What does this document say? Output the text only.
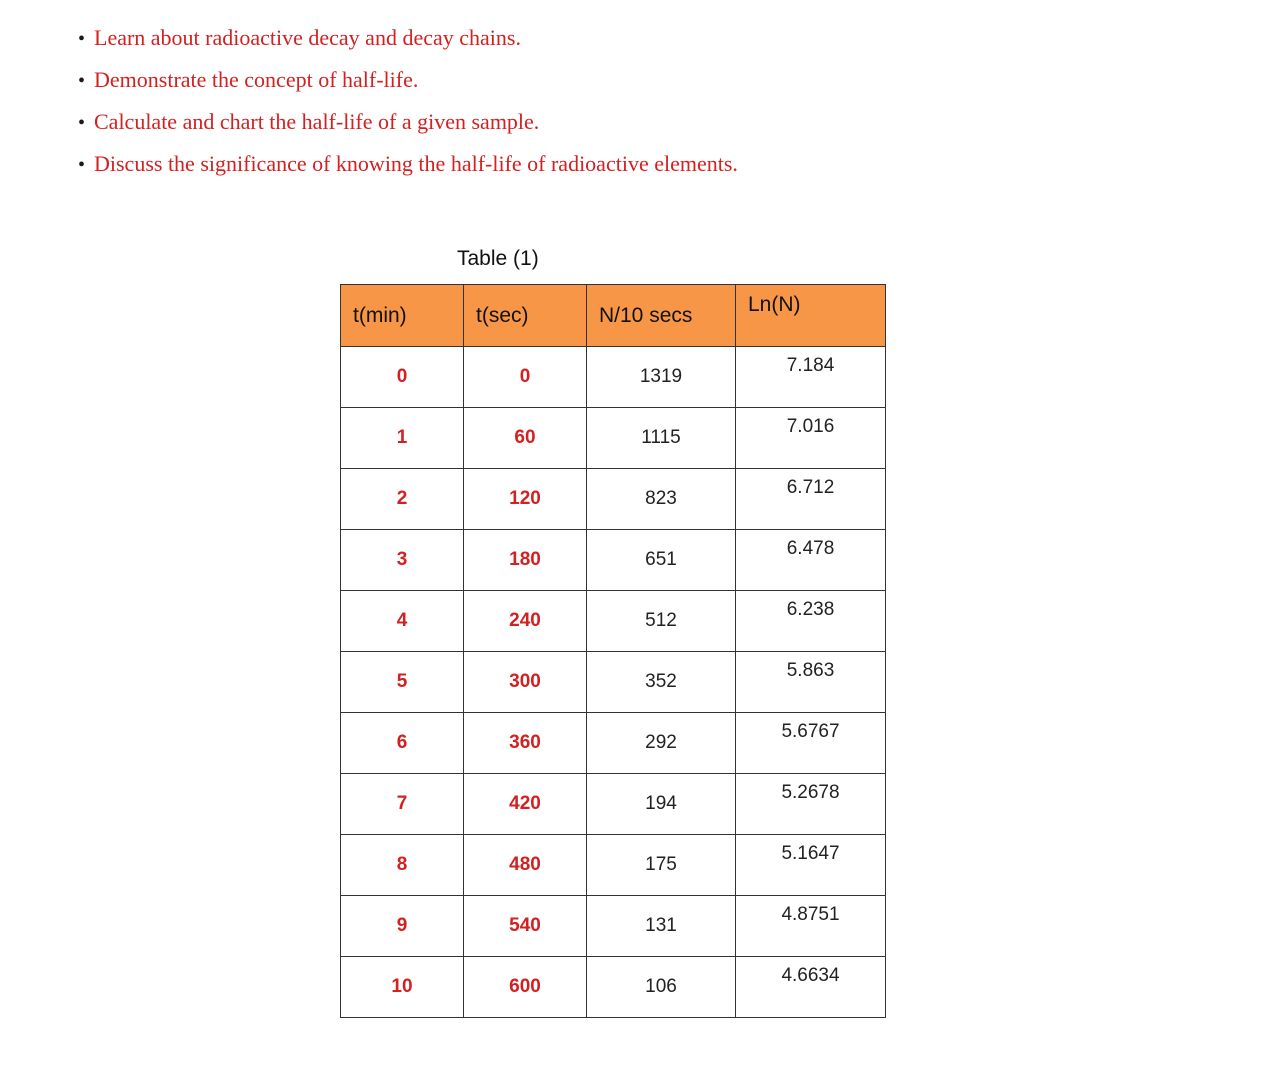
• Learn about radioactive decay and decay chains.
• Demonstrate the concept of half-life.
• Calculate and chart the half-life of a given sample.
• Discuss the significance of knowing the half-life of radioactive elements.
Table (1)
t(min)	t(sec)	N/10 secs	Ln(N)
0	0	1319	7.184
1	60	1115	7.016
2	120	823	6.712
3	180	651	6.478
4	240	512	6.238
5	300	352	5.863
6	360	292	5.6767
7	420	194	5.2678
8	480	175	5.1647
9	540	131	4.8751
10	600	106	4.6634
